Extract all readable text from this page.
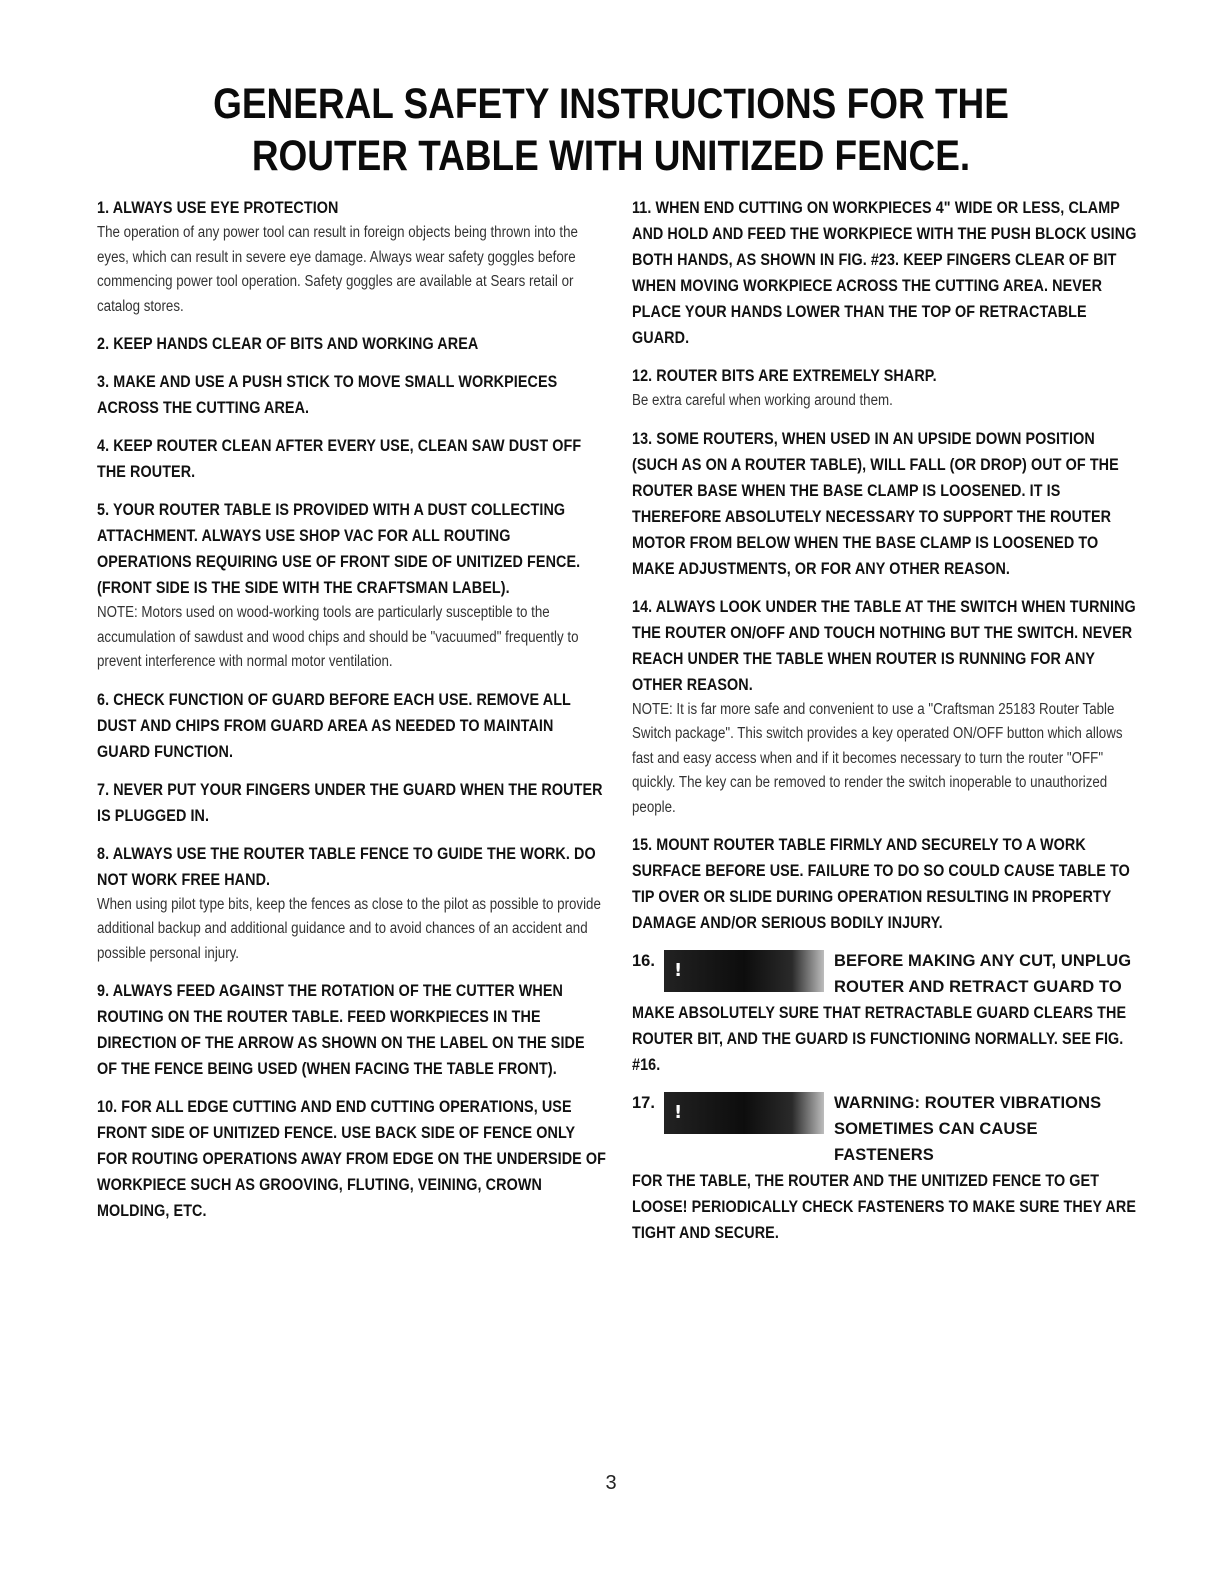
GENERAL SAFETY INSTRUCTIONS FOR THE
ROUTER TABLE WITH UNITIZED FENCE.
1. ALWAYS USE EYE PROTECTION
The operation of any power tool can result in foreign objects being thrown into the eyes, which can result in severe eye damage. Always wear safety goggles before commencing power tool operation. Safety goggles are available at Sears retail or catalog stores.
2. KEEP HANDS CLEAR OF BITS AND WORKING AREA
3. MAKE AND USE A PUSH STICK TO MOVE SMALL WORKPIECES ACROSS THE CUTTING AREA.
4. KEEP ROUTER CLEAN AFTER EVERY USE, CLEAN SAW DUST OFF THE ROUTER.
5. YOUR ROUTER TABLE IS PROVIDED WITH A DUST COLLECTING ATTACHMENT. ALWAYS USE SHOP VAC FOR ALL ROUTING OPERATIONS REQUIRING USE OF FRONT SIDE OF UNITIZED FENCE. (FRONT SIDE IS THE SIDE WITH THE CRAFTSMAN LABEL).
NOTE: Motors used on wood-working tools are particularly susceptible to the accumulation of sawdust and wood chips and should be "vacuumed" frequently to prevent interference with normal motor ventilation.
6. CHECK FUNCTION OF GUARD BEFORE EACH USE. REMOVE ALL DUST AND CHIPS FROM GUARD AREA AS NEEDED TO MAINTAIN GUARD FUNCTION.
7. NEVER PUT YOUR FINGERS UNDER THE GUARD WHEN THE ROUTER IS PLUGGED IN.
8. ALWAYS USE THE ROUTER TABLE FENCE TO GUIDE THE WORK. DO NOT WORK FREE HAND.
When using pilot type bits, keep the fences as close to the pilot as possible to provide additional backup and additional guidance and to avoid chances of an accident and possible personal injury.
9. ALWAYS FEED AGAINST THE ROTATION OF THE CUTTER WHEN ROUTING ON THE ROUTER TABLE. FEED WORKPIECES IN THE DIRECTION OF THE ARROW AS SHOWN ON THE LABEL ON THE SIDE OF THE FENCE BEING USED (WHEN FACING THE TABLE FRONT).
10. FOR ALL EDGE CUTTING AND END CUTTING OPERATIONS, USE FRONT SIDE OF UNITIZED FENCE. USE BACK SIDE OF FENCE ONLY FOR ROUTING OPERATIONS AWAY FROM EDGE ON THE UNDERSIDE OF WORKPIECE SUCH AS GROOVING, FLUTING, VEINING, CROWN MOLDING, ETC.
11. WHEN END CUTTING ON WORKPIECES 4" WIDE OR LESS, CLAMP AND HOLD AND FEED THE WORKPIECE WITH THE PUSH BLOCK USING BOTH HANDS, AS SHOWN IN FIG. #23. KEEP FINGERS CLEAR OF BIT WHEN MOVING WORKPIECE ACROSS THE CUTTING AREA. NEVER PLACE YOUR HANDS LOWER THAN THE TOP OF RETRACTABLE GUARD.
12. ROUTER BITS ARE EXTREMELY SHARP.
Be extra careful when working around them.
13. SOME ROUTERS, WHEN USED IN AN UPSIDE DOWN POSITION (SUCH AS ON A ROUTER TABLE), WILL FALL (OR DROP) OUT OF THE ROUTER BASE WHEN THE BASE CLAMP IS LOOSENED. IT IS THEREFORE ABSOLUTELY NECESSARY TO SUPPORT THE ROUTER MOTOR FROM BELOW WHEN THE BASE CLAMP IS LOOSENED TO MAKE ADJUSTMENTS, OR FOR ANY OTHER REASON.
14. ALWAYS LOOK UNDER THE TABLE AT THE SWITCH WHEN TURNING THE ROUTER ON/OFF AND TOUCH NOTHING BUT THE SWITCH. NEVER REACH UNDER THE TABLE WHEN ROUTER IS RUNNING FOR ANY OTHER REASON.
NOTE: It is far more safe and convenient to use a "Craftsman 25183 Router Table Switch package". This switch provides a key operated ON/OFF button which allows fast and easy access when and if it becomes necessary to turn the router "OFF" quickly. The key can be removed to render the switch inoperable to unauthorized people.
15. MOUNT ROUTER TABLE FIRMLY AND SECURELY TO A WORK SURFACE BEFORE USE. FAILURE TO DO SO COULD CAUSE TABLE TO TIP OVER OR SLIDE DURING OPERATION RESULTING IN PROPERTY DAMAGE AND/OR SERIOUS BODILY INJURY.
16.	!	BEFORE MAKING ANY CUT, UNPLUG ROUTER AND RETRACT GUARD TO
MAKE ABSOLUTELY SURE THAT RETRACTABLE GUARD CLEARS THE ROUTER BIT, AND THE GUARD IS FUNCTIONING NORMALLY. SEE FIG. #16.
17.	!	WARNING: ROUTER VIBRATIONS SOMETIMES CAN CAUSE FASTENERS
FOR THE TABLE, THE ROUTER AND THE UNITIZED FENCE TO GET LOOSE! PERIODICALLY CHECK FASTENERS TO MAKE SURE THEY ARE TIGHT AND SECURE.
3
